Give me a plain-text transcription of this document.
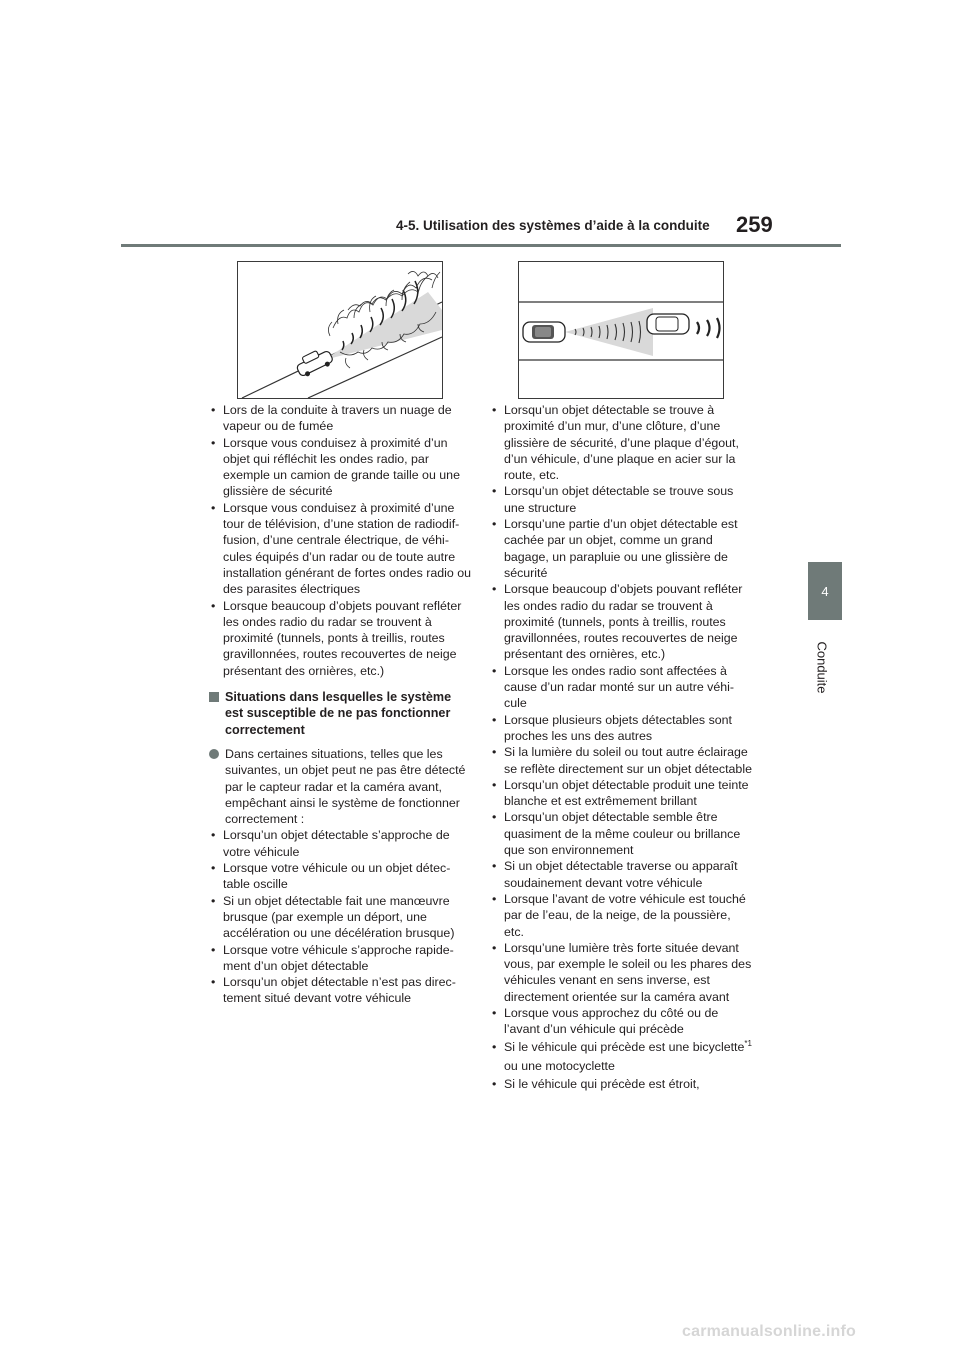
4-5. Utilisation des systèmes d’aide à la conduite 259
4
Conduite
• Lors de la conduite à travers un nuage de vapeur ou de fumée
• Lorsque vous conduisez à proximité d’un objet qui réfléchit les ondes radio, par exemple un camion de grande taille ou une glissière de sécurité
• Lorsque vous conduisez à proximité d’une tour de télévision, d’une station de radiodiffusion, d’une centrale électrique, de véhicules équipés d’un radar ou de toute autre installation générant de fortes ondes radio ou des parasites électriques
• Lorsque beaucoup d’objets pouvant refléter les ondes radio du radar se trouvent à proximité (tunnels, ponts à treillis, routes gravillonnées, routes recouvertes de neige présentant des ornières, etc.)
Situations dans lesquelles le système est susceptible de ne pas fonctionner correctement
Dans certaines situations, telles que les suivantes, un objet peut ne pas être détecté par le capteur radar et la caméra avant, empêchant ainsi le système de fonctionner correctement :
• Lorsqu’un objet détectable s’approche de votre véhicule
• Lorsque votre véhicule ou un objet détectable oscille
• Si un objet détectable fait une manœuvre brusque (par exemple un déport, une accélération ou une décélération brusque)
• Lorsque votre véhicule s’approche rapidement d’un objet détectable
• Lorsqu’un objet détectable n’est pas directement situé devant votre véhicule
• Lorsqu’un objet détectable se trouve à proximité d’un mur, d’une clôture, d’une glissière de sécurité, d’une plaque d’égout, d’un véhicule, d’une plaque en acier sur la route, etc.
• Lorsqu’un objet détectable se trouve sous une structure
• Lorsqu’une partie d’un objet détectable est cachée par un objet, comme un grand bagage, un parapluie ou une glissière de sécurité
• Lorsque beaucoup d’objets pouvant refléter les ondes radio du radar se trouvent à proximité (tunnels, ponts à treillis, routes gravillonnées, routes recouvertes de neige présentant des ornières, etc.)
• Lorsque les ondes radio sont affectées à cause d’un radar monté sur un autre véhicule
• Lorsque plusieurs objets détectables sont proches les uns des autres
• Si la lumière du soleil ou tout autre éclairage se reflète directement sur un objet détectable
• Lorsqu’un objet détectable produit une teinte blanche et est extrêmement brillant
• Lorsqu’un objet détectable semble être quasiment de la même couleur ou brillance que son environnement
• Si un objet détectable traverse ou apparaît soudainement devant votre véhicule
• Lorsque l’avant de votre véhicule est touché par de l’eau, de la neige, de la poussière, etc.
• Lorsqu’une lumière très forte située devant vous, par exemple le soleil ou les phares des véhicules venant en sens inverse, est directement orientée sur la caméra avant
• Lorsque vous approchez du côté ou de l’avant d’un véhicule qui précède
• Si le véhicule qui précède est une bicyclette$^{*1}$ ou une motocyclette
• Si le véhicule qui précède est étroit,
carmanualsonline.info
